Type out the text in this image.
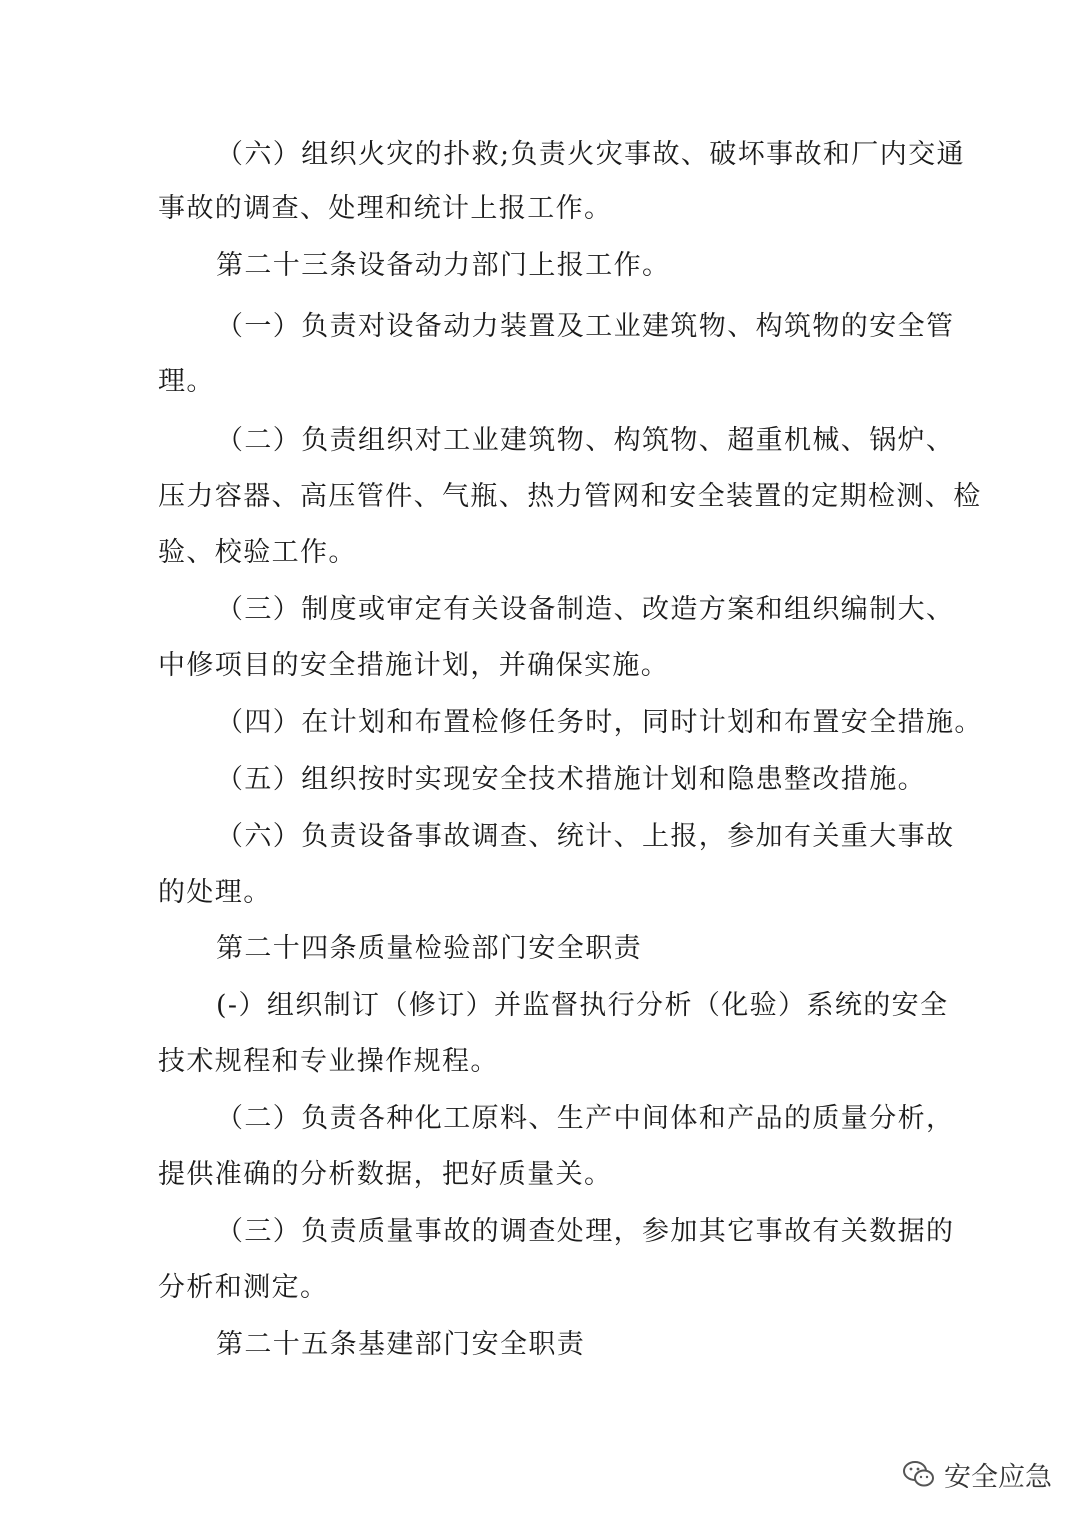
（六）组织火灾的扑救;负责火灾事故、破坏事故和厂内交通
事故的调查、处理和统计上报工作。
第二十三条设备动力部门上报工作。
（一）负责对设备动力装置及工业建筑物、构筑物的安全管
理。
（二）负责组织对工业建筑物、构筑物、超重机械、锅炉、
压力容器、高压管件、气瓶、热力管网和安全装置的定期检测、检
验、校验工作。
（三）制度或审定有关设备制造、改造方案和组织编制大、
中修项目的安全措施计划，并确保实施。
（四）在计划和布置检修任务时，同时计划和布置安全措施。
（五）组织按时实现安全技术措施计划和隐患整改措施。
（六）负责设备事故调查、统计、上报，参加有关重大事故
的处理。
第二十四条质量检验部门安全职责
(-）组织制订（修订）并监督执行分析（化验）系统的安全
技术规程和专业操作规程。
（二）负责各种化工原料、生产中间体和产品的质量分析，
提供准确的分析数据，把好质量关。
（三）负责质量事故的调查处理，参加其它事故有关数据的
分析和测定。
第二十五条基建部门安全职责
安全应急
